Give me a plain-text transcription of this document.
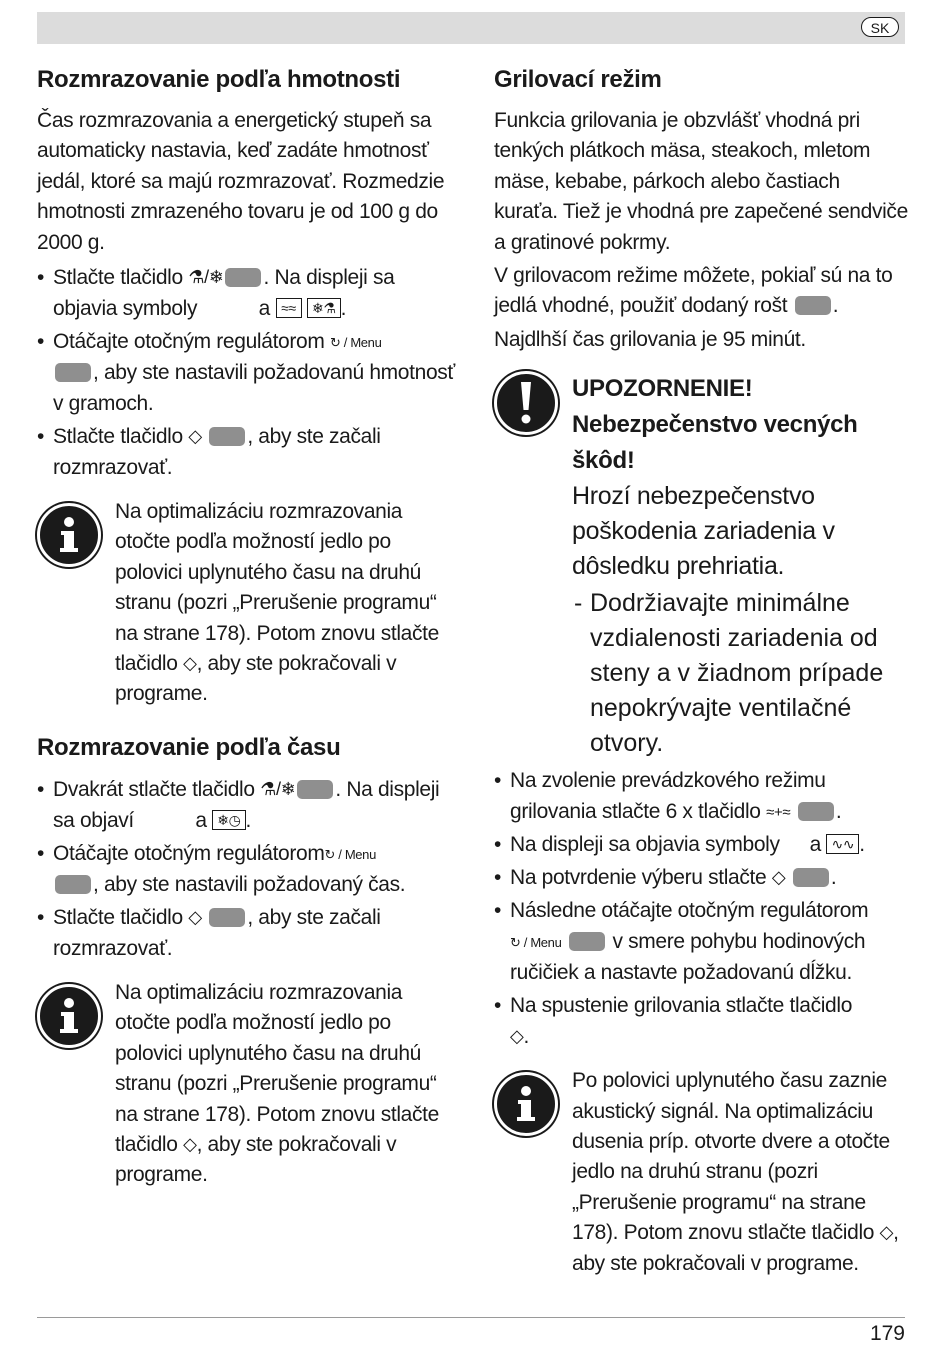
SK
Rozmrazovanie podľa hmotnosti

Čas rozmrazovania a energetický stupeň sa automaticky nastavia, keď zadáte hmotnosť jedál, ktoré sa majú rozmrazovať. Rozmedzie hmotnosti zmrazeného tovaru je od 100 g do 2000 g.

• Stlačte tlačidlo ⚗/❄ . Na displeji sa objavia symboly	a ≈≈ ❄⚗ .
• Otáčajte otočným regulátorom ↻ / Menu
, aby ste nastavili požadovanú hmotnosť v gramoch.
• Stlačte tlačidlo ◇ , aby ste začali rozmrazovať.

Na optimalizáciu rozmrazovania otočte podľa možností jedlo po polovici uplynutého času na druhú stranu (pozri „Prerušenie programu“ na strane 178). Potom znovu stlačte tlačidlo ◇, aby ste pokračovali v programe.

Rozmrazovanie podľa času
• Dvakrát stlačte tlačidlo ⚗/❄ . Na displeji sa objaví	a ❄◷ .
• Otáčajte otočným regulátorom↻ / Menu
, aby ste nastavili požadovaný čas.
• Stlačte tlačidlo ◇ , aby ste začali rozmrazovať.

Na optimalizáciu rozmrazovania otočte podľa možností jedlo po polovici uplynutého času na druhú stranu (pozri „Prerušenie programu“ na strane 178). Potom znovu stlačte tlačidlo ◇, aby ste pokračovali v programe.

Grilovací režim

Funkcia grilovania je obzvlášť vhodná pri tenkých plátkoch mäsa, steakoch, mletom mäse, kebabe, párkoch alebo častiach kuraťa. Tiež je vhodná pre zapečené sendviče a gratinové pokrmy.

V grilovacom režime môžete, pokiaľ sú na to jedlá vhodné, použiť dodaný rošt .

Najdlhší čas grilovania je 95 minút.

UPOZORNENIE!
Nebezpečenstvo vecných škôd!

Hrozí nebezpečenstvo poškodenia zariadenia v dôsledku prehriatia.

- Dodržiavajte minimálne vzdialenosti zariadenia od steny a v žiadnom prípade nepokrývajte ventilačné otvory.
• Na zvolenie prevádzkového režimu grilovania stlačte 6 x tlačidlo ≈+≈ .
• Na displeji sa objavia symboly a ∿∿ .
• Na potvrdenie výberu stlačte ◇ .
• Následne otáčajte otočným regulátorom
↻ / Menu v smere pohybu hodinových ručičiek a nastavte požadovanú dĺžku.
• Na spustenie grilovania stlačte tlačidlo
◇.

Po polovici uplynutého času zaznie akustický signál. Na optimalizáciu dusenia príp. otvorte dvere a otočte jedlo na druhú stranu (pozri „Prerušenie programu“ na strane 178). Potom znovu stlačte tlačidlo ◇, aby ste pokračovali v programe.

179
